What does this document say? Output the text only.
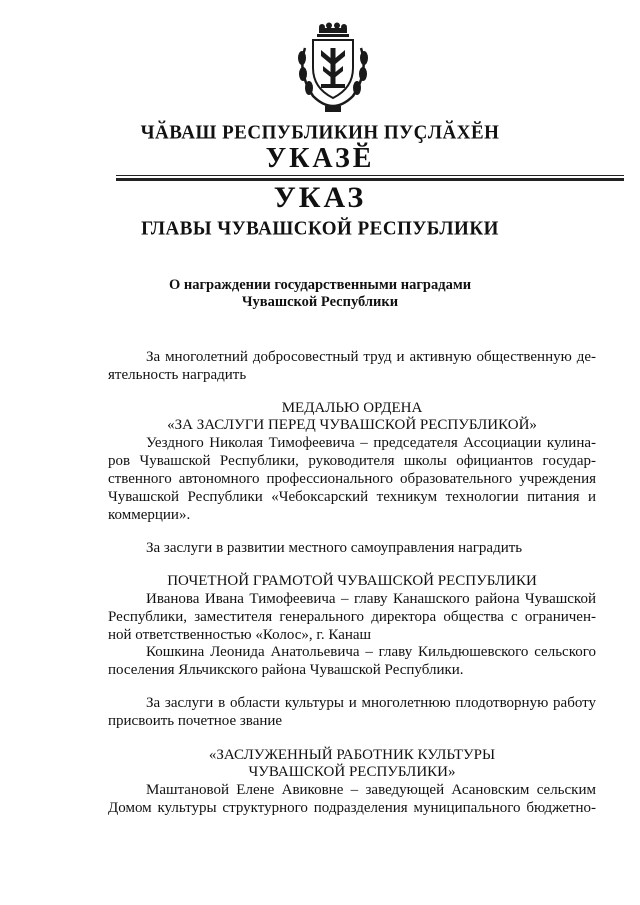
ЧӐВАШ РЕСПУБЛИКИН ПУҪЛӐХӖН
УКАЗӖ
УКАЗ
ГЛАВЫ ЧУВАШСКОЙ РЕСПУБЛИКИ
О награждении государственными наградами
Чувашской Республики
За многолетний добросовестный труд и активную общественную де-
ятельность наградить
МЕДАЛЬЮ ОРДЕНА
«ЗА ЗАСЛУГИ ПЕРЕД ЧУВАШСКОЙ РЕСПУБЛИКОЙ»
Уездного Николая Тимофеевича – председателя Ассоциации кулина-
ров Чувашской Республики, руководителя школы официантов государ-
ственного автономного профессионального образовательного учреждения
Чувашской Республики «Чебоксарский техникум технологии питания и
коммерции».
За заслуги в развитии местного самоуправления наградить
ПОЧЕТНОЙ ГРАМОТОЙ ЧУВАШСКОЙ РЕСПУБЛИКИ
Иванова Ивана Тимофеевича – главу Канашского района Чувашской
Республики, заместителя генерального директора общества с ограничен-
ной ответственностью «Колос», г. Канаш
Кошкина Леонида Анатольевича – главу Кильдюшевского сельского
поселения Яльчикского района Чувашской Республики.
За заслуги в области культуры и многолетнюю плодотворную работу
присвоить почетное звание
«ЗАСЛУЖЕННЫЙ РАБОТНИК КУЛЬТУРЫ
ЧУВАШСКОЙ РЕСПУБЛИКИ»
Маштановой Елене Авиковне – заведующей Асановским сельским
Домом культуры структурного подразделения муниципального бюджетно-
